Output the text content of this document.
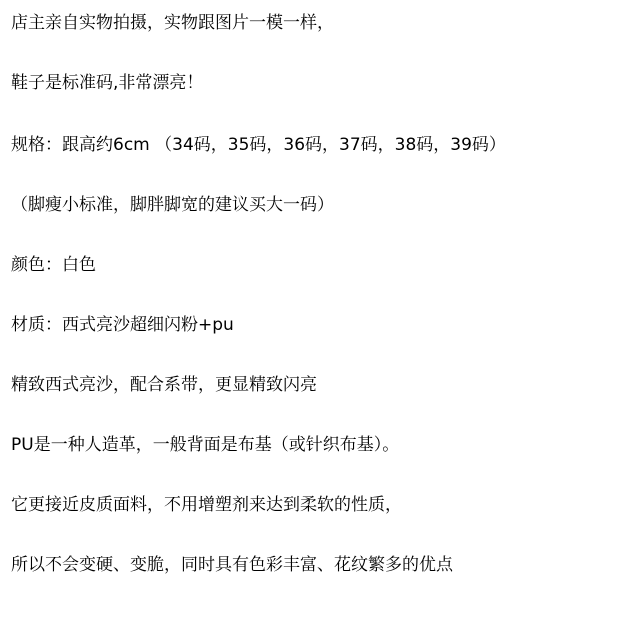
店主亲自实物拍摄，实物跟图片一模一样，
鞋子是标准码,非常漂亮！
规格：跟高约6cm （34码，35码，36码，37码，38码，39码）
（脚瘦小标准，脚胖脚宽的建议买大一码）
颜色：白色
材质：西式亮沙超细闪粉+pu
精致西式亮沙，配合系带，更显精致闪亮
PU是一种人造革，一般背面是布基（或针织布基）。
它更接近皮质面料，不用增塑剂来达到柔软的性质，
所以不会变硬、变脆，同时具有色彩丰富、花纹繁多的优点
